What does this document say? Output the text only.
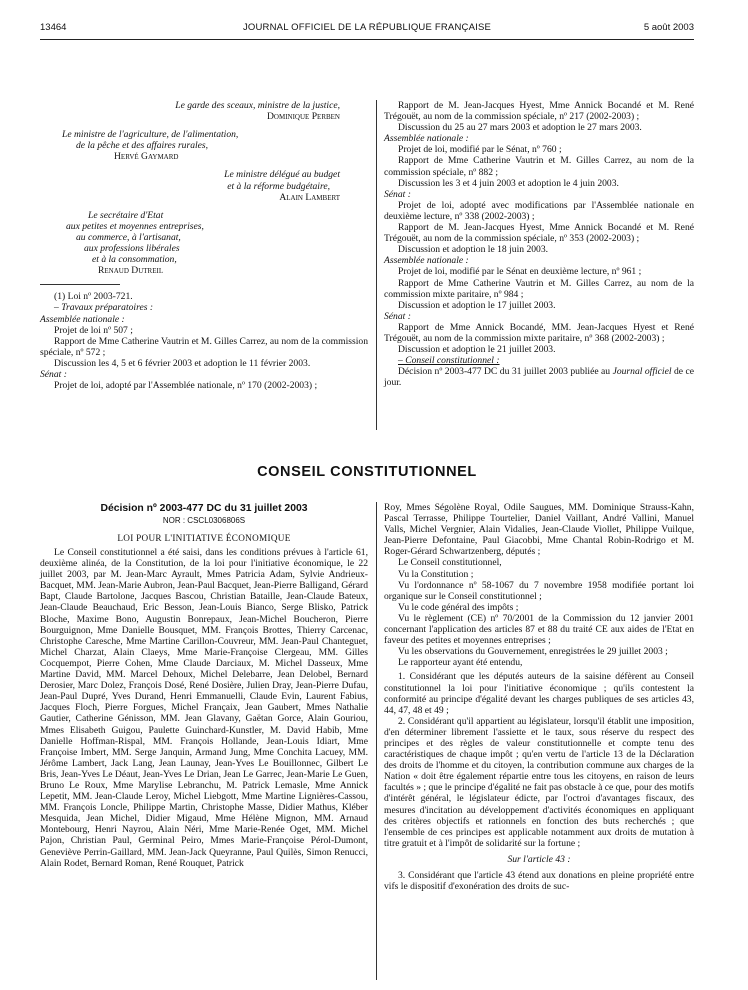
13464	JOURNAL OFFICIEL DE LA RÉPUBLIQUE FRANÇAISE	5 août 2003

Le garde des sceaux, ministre de la justice,

Dominique Perben

Le ministre de l'agriculture, de l'alimentation,

de la pêche et des affaires rurales,

Hervé Gaymard

Le ministre délégué au budget

et à la réforme budgétaire,

Alain Lambert

Le secrétaire d'Etat

aux petites et moyennes entreprises,

au commerce, à l'artisanat,

aux professions libérales

et à la consommation,

Renaud Dutreil

(1) Loi nº 2003-721.

– Travaux préparatoires :

Assemblée nationale :

Projet de loi nº 507 ;

Rapport de Mme Catherine Vautrin et M. Gilles Carrez, au nom de la commission spéciale, nº 572 ;

Discussion les 4, 5 et 6 février 2003 et adoption le 11 février 2003.

Sénat :

Projet de loi, adopté par l'Assemblée nationale, nº 170 (2002-2003) ;

Rapport de M. Jean-Jacques Hyest, Mme Annick Bocandé et M. René Trégouët, au nom de la commission spéciale, nº 217 (2002-2003) ;

Discussion du 25 au 27 mars 2003 et adoption le 27 mars 2003.

Assemblée nationale :

Projet de loi, modifié par le Sénat, nº 760 ;

Rapport de Mme Catherine Vautrin et M. Gilles Carrez, au nom de la commission spéciale, nº 882 ;

Discussion les 3 et 4 juin 2003 et adoption le 4 juin 2003.

Sénat :

Projet de loi, adopté avec modifications par l'Assemblée nationale en deuxième lecture, nº 338 (2002-2003) ;

Rapport de M. Jean-Jacques Hyest, Mme Annick Bocandé et M. René Trégouët, au nom de la commission spéciale, nº 353 (2002-2003) ;

Discussion et adoption le 18 juin 2003.

Assemblée nationale :

Projet de loi, modifié par le Sénat en deuxième lecture, nº 961 ;

Rapport de Mme Catherine Vautrin et M. Gilles Carrez, au nom de la commission mixte paritaire, nº 984 ;

Discussion et adoption le 17 juillet 2003.

Sénat :

Rapport de Mme Annick Bocandé, MM. Jean-Jacques Hyest et René Trégouët, au nom de la commission mixte paritaire, nº 368 (2002-2003) ;

Discussion et adoption le 21 juillet 2003.

– Conseil constitutionnel :

Décision nº 2003-477 DC du 31 juillet 2003 publiée au Journal officiel de ce jour.

CONSEIL CONSTITUTIONNEL

Décision nº 2003-477 DC du 31 juillet 2003

NOR : CSCL0306806S

LOI POUR L'INITIATIVE ÉCONOMIQUE

Le Conseil constitutionnel a été saisi, dans les conditions prévues à l'article 61, deuxième alinéa, de la Constitution, de la loi pour l'initiative économique, le 22 juillet 2003, par M. Jean-Marc Ayrault, Mmes Patricia Adam, Sylvie Andrieux-Bacquet, MM. Jean-Marie Aubron, Jean-Paul Bacquet, Jean-Pierre Balligand, Gérard Bapt, Claude Bartolone, Jacques Bascou, Christian Bataille, Jean-Claude Bateux, Jean-Claude Beauchaud, Eric Besson, Jean-Louis Bianco, Serge Blisko, Patrick Bloche, Maxime Bono, Augustin Bonrepaux, Jean-Michel Boucheron, Pierre Bourguignon, Mme Danielle Bousquet, MM. François Brottes, Thierry Carcenac, Christophe Caresche, Mme Martine Carillon-Couvreur, MM. Jean-Paul Chanteguet, Michel Charzat, Alain Claeys, Mme Marie-Françoise Clergeau, MM. Gilles Cocquempot, Pierre Cohen, Mme Claude Darciaux, M. Michel Dasseux, Mme Martine David, MM. Marcel Dehoux, Michel Delebarre, Jean Delobel, Bernard Derosier, Marc Dolez, François Dosé, René Dosière, Julien Dray, Jean-Pierre Dufau, Jean-Paul Dupré, Yves Durand, Henri Emmanuelli, Claude Evin, Laurent Fabius, Jacques Floch, Pierre Forgues, Michel Françaix, Jean Gaubert, Mmes Nathalie Gautier, Catherine Génisson, MM. Jean Glavany, Gaëtan Gorce, Alain Gouriou, Mmes Elisabeth Guigou, Paulette Guinchard-Kunstler, M. David Habib, Mme Danielle Hoffman-Rispal, MM. François Hollande, Jean-Louis Idiart, Mme Françoise Imbert, MM. Serge Janquin, Armand Jung, Mme Conchita Lacuey, MM. Jérôme Lambert, Jack Lang, Jean Launay, Jean-Yves Le Bouillonnec, Gilbert Le Bris, Jean-Yves Le Déaut, Jean-Yves Le Drian, Jean Le Garrec, Jean-Marie Le Guen, Bruno Le Roux, Mme Marylise Lebranchu, M. Patrick Lemasle, Mme Annick Lepetit, MM. Jean-Claude Leroy, Michel Liebgott, Mme Martine Lignières-Cassou, MM. François Loncle, Philippe Martin, Christophe Masse, Didier Mathus, Kléber Mesquida, Jean Michel, Didier Migaud, Mme Hélène Mignon, MM. Arnaud Montebourg, Henri Nayrou, Alain Néri, Mme Marie-Renée Oget, MM. Michel Pajon, Christian Paul, Germinal Peiro, Mmes Marie-Françoise Pérol-Dumont, Geneviève Perrin-Gaillard, MM. Jean-Jack Queyranne, Paul Quilès, Simon Renucci, Alain Rodet, Bernard Roman, René Rouquet, Patrick

Roy, Mmes Ségolène Royal, Odile Saugues, MM. Dominique Strauss-Kahn, Pascal Terrasse, Philippe Tourtelier, Daniel Vaillant, André Vallini, Manuel Valls, Michel Vergnier, Alain Vidalies, Jean-Claude Viollet, Philippe Vuilque, Jean-Pierre Defontaine, Paul Giacobbi, Mme Chantal Robin-Rodrigo et M. Roger-Gérard Schwartzenberg, députés ;

Le Conseil constitutionnel,

Vu la Constitution ;

Vu l'ordonnance nº 58-1067 du 7 novembre 1958 modifiée portant loi organique sur le Conseil constitutionnel ;

Vu le code général des impôts ;

Vu le règlement (CE) nº 70/2001 de la Commission du 12 janvier 2001 concernant l'application des articles 87 et 88 du traité CE aux aides de l'Etat en faveur des petites et moyennes entreprises ;

Vu les observations du Gouvernement, enregistrées le 29 juillet 2003 ;

Le rapporteur ayant été entendu,

1. Considérant que les députés auteurs de la saisine défèrent au Conseil constitutionnel la loi pour l'initiative économique ; qu'ils contestent la conformité au principe d'égalité devant les charges publiques de ses articles 43, 44, 47, 48 et 49 ;

2. Considérant qu'il appartient au législateur, lorsqu'il établit une imposition, d'en déterminer librement l'assiette et le taux, sous réserve du respect des principes et des règles de valeur constitutionnelle et compte tenu des caractéristiques de chaque impôt ; qu'en vertu de l'article 13 de la Déclaration des droits de l'homme et du citoyen, la contribution commune aux charges de la Nation « doit être également répartie entre tous les citoyens, en raison de leurs facultés » ; que le principe d'égalité ne fait pas obstacle à ce que, pour des motifs d'intérêt général, le législateur édicte, par l'octroi d'avantages fiscaux, des mesures d'incitation au développement d'activités économiques en appliquant des critères objectifs et rationnels en fonction des buts recherchés ; que l'ensemble de ces principes est applicable notamment aux droits de mutation à titre gratuit et à l'impôt de solidarité sur la fortune ;

Sur l'article 43 :

3. Considérant que l'article 43 étend aux donations en pleine propriété entre vifs le dispositif d'exonération des droits de suc-
